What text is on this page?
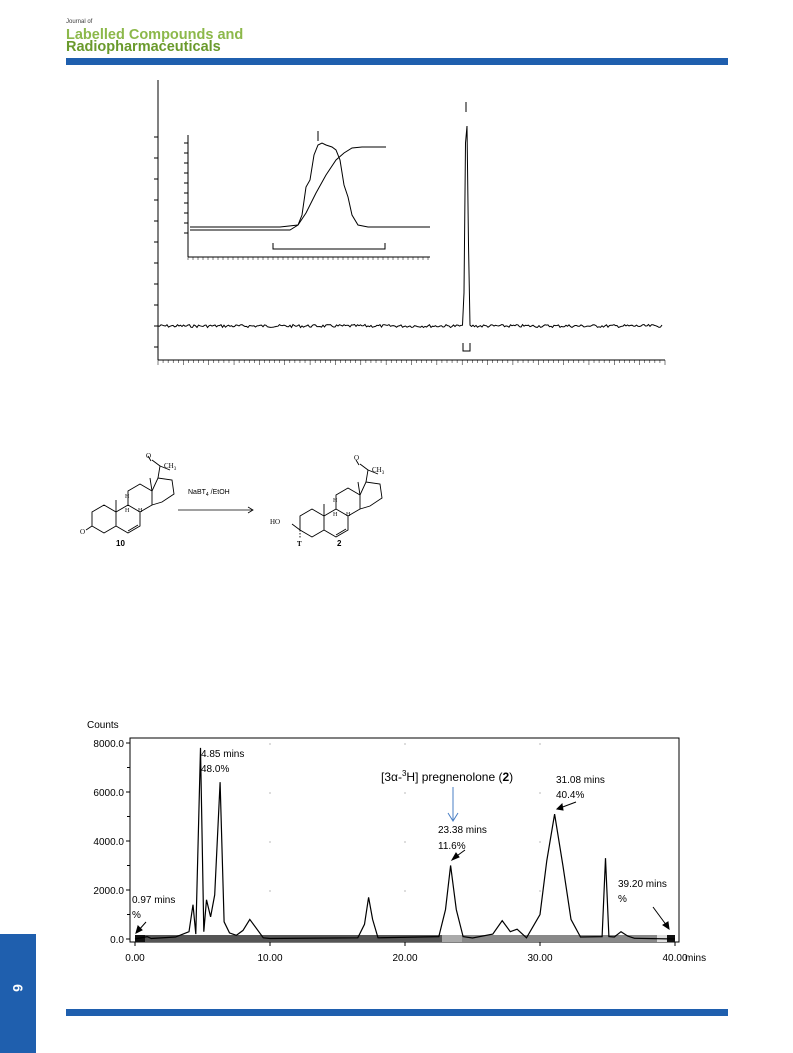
Journal of
Labelled Compounds and
Radiopharmaceuticals
O
$CH_3$
O
H
H H
10
NaBT$_4$ /EtOH
O
$CH_3$
HO
T
H
H H
2
Counts
8000.0
6000.0
4000.0
2000.0
0.0
0.00	10.00	20.00	30.00	40.00
mins
4.85 mins
48.0%
23.38 mins
11.6%
31.08 mins
40.4%
39.20 mins
%
0.97 mins
%
[3α-$^3$H] pregnenolone (2)
6
